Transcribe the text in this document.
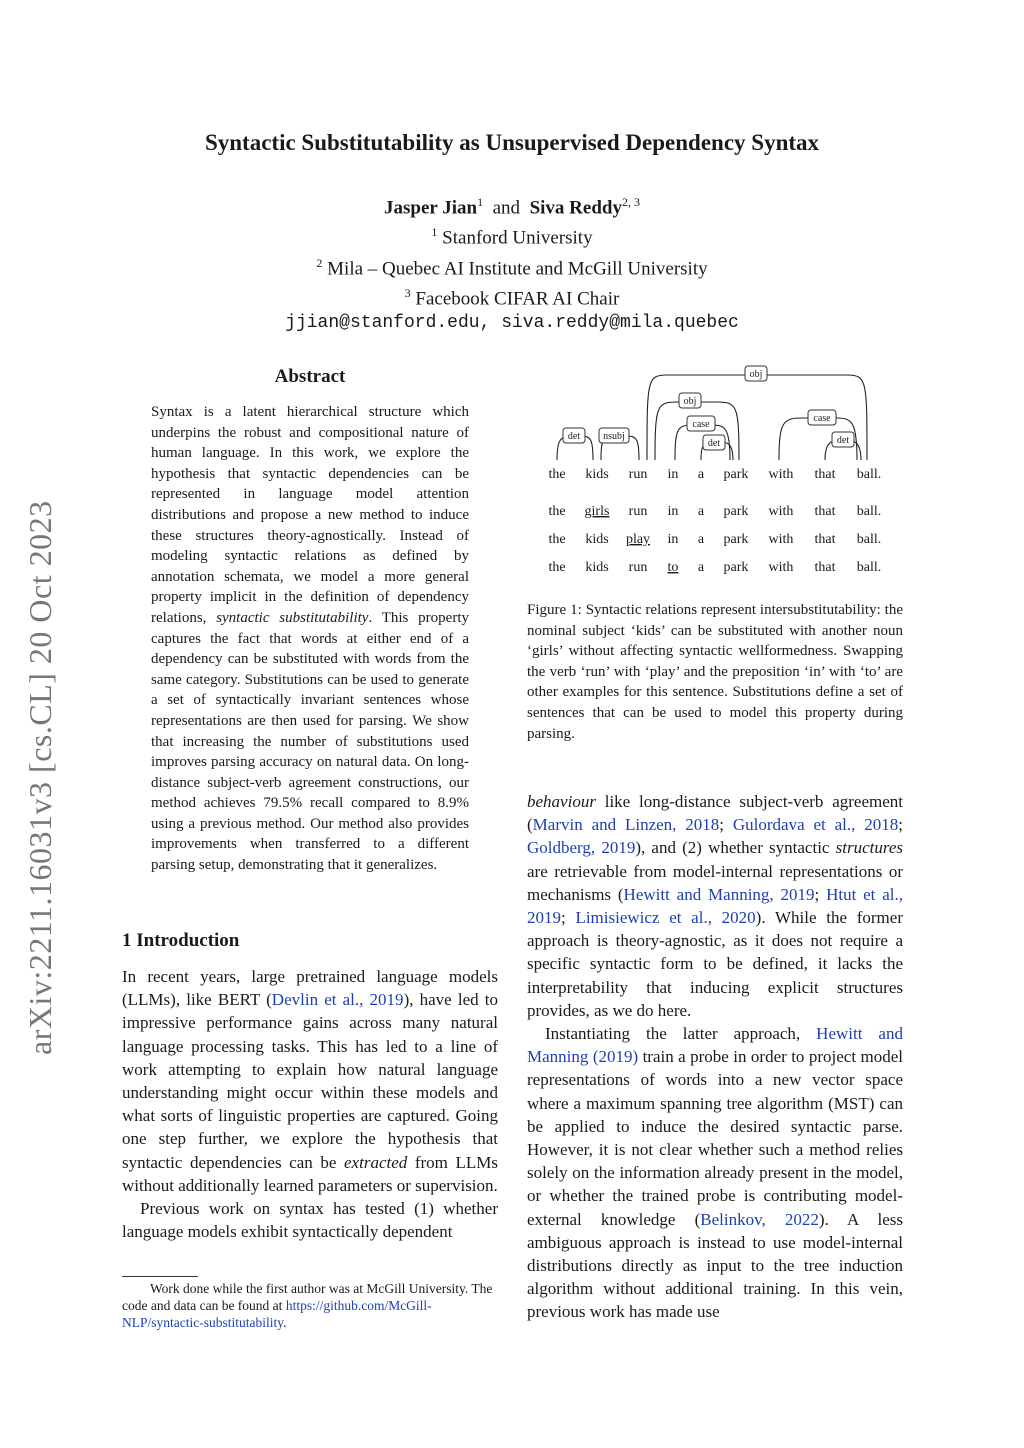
Syntactic Substitutability as Unsupervised Dependency Syntax
Jasper Jian$^1$ and Siva Reddy$^{2, 3}$
$^1$ Stanford University
$^2$ Mila – Quebec AI Institute and McGill University
$^3$ Facebook CIFAR AI Chair
jjian@stanford.edu, siva.reddy@mila.quebec
arXiv:2211.16031v3 [cs.CL] 20 Oct 2023
Abstract
Syntax is a latent hierarchical structure which underpins the robust and compositional nature of human language. In this work, we explore the hypothesis that syntactic dependencies can be represented in language model attention distributions and propose a new method to induce these structures theory-agnostically. Instead of modeling syntactic relations as defined by annotation schemata, we model a more general property implicit in the definition of dependency relations, syntactic substitutability. This property captures the fact that words at either end of a dependency can be substituted with words from the same category. Substitutions can be used to generate a set of syntactically invariant sentences whose representations are then used for parsing. We show that increasing the number of substitutions used improves parsing accuracy on natural data. On long-distance subject-verb agreement constructions, our method achieves 79.5% recall compared to 8.9% using a previous method. Our method also provides improvements when transferred to a different parsing setup, demonstrating that it generalizes.
1 Introduction

In recent years, large pretrained language models (LLMs), like BERT (Devlin et al., 2019), have led to impressive performance gains across many natural language processing tasks. This has led to a line of work attempting to explain how natural language understanding might occur within these models and what sorts of linguistic properties are captured. Going one step further, we explore the hypothesis that syntactic dependencies can be extracted from LLMs without additionally learned parameters or supervision.

Previous work on syntax has tested (1) whether language models exhibit syntactically dependent

Work done while the first author was at McGill University. The code and data can be found at https://github.com/McGill-NLP/syntactic-substitutability.
obj
obj
case
case
det
nsubj
det	det
the kids run in a park with that ball.
the girls run in a park with that ball.
the kids play in a park with that ball.
the kids run to a park with that ball.
Figure 1: Syntactic relations represent intersubstitutability: the nominal subject ‘kids’ can be substituted with another noun ‘girls’ without affecting syntactic wellformedness. Swapping the verb ‘run’ with ‘play’ and the preposition ‘in’ with ‘to’ are other examples for this sentence. Substitutions define a set of sentences that can be used to model this property during parsing.

behaviour like long-distance subject-verb agreement (Marvin and Linzen, 2018; Gulordava et al., 2018; Goldberg, 2019), and (2) whether syntactic structures are retrievable from model-internal representations or mechanisms (Hewitt and Manning, 2019; Htut et al., 2019; Limisiewicz et al., 2020). While the former approach is theory-agnostic, as it does not require a specific syntactic form to be defined, it lacks the interpretability that inducing explicit structures provides, as we do here.

Instantiating the latter approach, Hewitt and Manning (2019) train a probe in order to project model representations of words into a new vector space where a maximum spanning tree algorithm (MST) can be applied to induce the desired syntactic parse. However, it is not clear whether such a method relies solely on the information already present in the model, or whether the trained probe is contributing model-external knowledge (Belinkov, 2022). A less ambiguous approach is instead to use model-internal distributions directly as input to the tree induction algorithm without additional training. In this vein, previous work has made use
